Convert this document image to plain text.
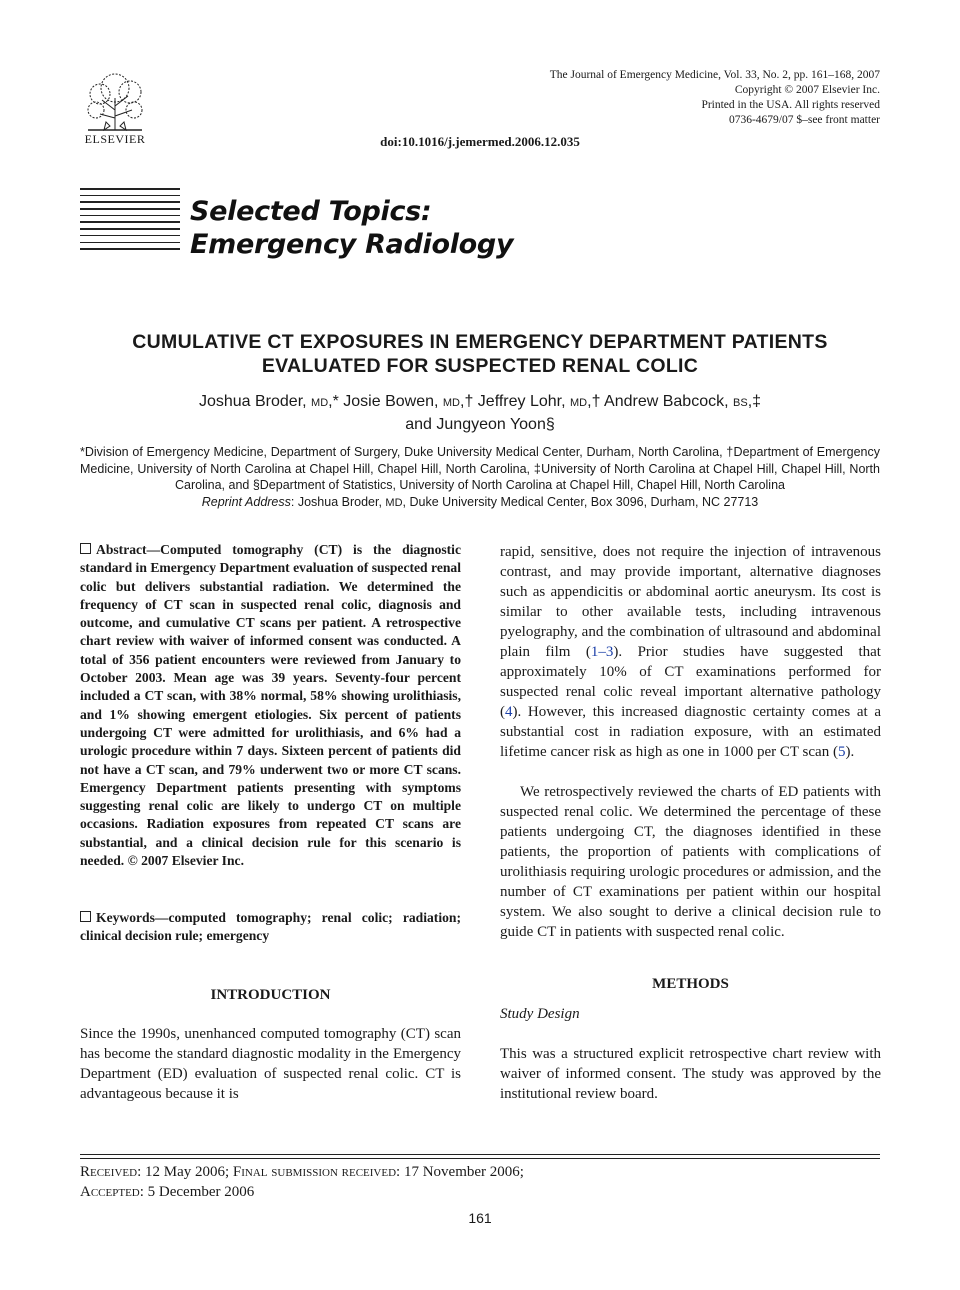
ELSEVIER
The Journal of Emergency Medicine, Vol. 33, No. 2, pp. 161–168, 2007
Copyright © 2007 Elsevier Inc.
Printed in the USA. All rights reserved
0736-4679/07 $–see front matter
doi:10.1016/j.jemermed.2006.12.035
Selected Topics:
Emergency Radiology
CUMULATIVE CT EXPOSURES IN EMERGENCY DEPARTMENT PATIENTS
EVALUATED FOR SUSPECTED RENAL COLIC
Joshua Broder, MD,* Josie Bowen, MD,† Jeffrey Lohr, MD,† Andrew Babcock, BS,‡
and Jungyeon Yoon§
*Division of Emergency Medicine, Department of Surgery, Duke University Medical Center, Durham, North Carolina, †Department of Emergency Medicine, University of North Carolina at Chapel Hill, Chapel Hill, North Carolina, ‡University of North Carolina at Chapel Hill, Chapel Hill, North Carolina, and §Department of Statistics, University of North Carolina at Chapel Hill, Chapel Hill, North Carolina
Reprint Address: Joshua Broder, MD, Duke University Medical Center, Box 3096, Durham, NC 27713
Abstract—Computed tomography (CT) is the diagnostic standard in Emergency Department evaluation of suspected renal colic but delivers substantial radiation. We determined the frequency of CT scan in suspected renal colic, diagnosis and outcome, and cumulative CT scans per patient. A retrospective chart review with waiver of informed consent was conducted. A total of 356 patient encounters were reviewed from January to October 2003. Mean age was 39 years. Seventy-four percent included a CT scan, with 38% normal, 58% showing urolithiasis, and 1% showing emergent etiologies. Six percent of patients undergoing CT were admitted for urolithiasis, and 6% had a urologic procedure within 7 days. Sixteen percent of patients did not have a CT scan, and 79% underwent two or more CT scans. Emergency Department patients presenting with symptoms suggesting renal colic are likely to undergo CT on multiple occasions. Radiation exposures from repeated CT scans are substantial, and a clinical decision rule for this scenario is needed. © 2007 Elsevier Inc.
Keywords—computed tomography; renal colic; radiation; clinical decision rule; emergency
INTRODUCTION
Since the 1990s, unenhanced computed tomography (CT) scan has become the standard diagnostic modality in the Emergency Department (ED) evaluation of suspected renal colic. CT is advantageous because it is
rapid, sensitive, does not require the injection of intravenous contrast, and may provide important, alternative diagnoses such as appendicitis or abdominal aortic aneurysm. Its cost is similar to other available tests, including intravenous pyelography, and the combination of ultrasound and abdominal plain film (1–3). Prior studies have suggested that approximately 10% of CT examinations performed for suspected renal colic reveal important alternative pathology (4). However, this increased diagnostic certainty comes at a substantial cost in radiation exposure, with an estimated lifetime cancer risk as high as one in 1000 per CT scan (5).
We retrospectively reviewed the charts of ED patients with suspected renal colic. We determined the percentage of these patients undergoing CT, the diagnoses identified in these patients, the proportion of patients with complications of urolithiasis requiring urologic procedures or admission, and the number of CT examinations per patient within our hospital system. We also sought to derive a clinical decision rule to guide CT in patients with suspected renal colic.
METHODS
Study Design
This was a structured explicit retrospective chart review with waiver of informed consent. The study was approved by the institutional review board.
Received: 12 May 2006; Final submission received: 17 November 2006;
Accepted: 5 December 2006
161
